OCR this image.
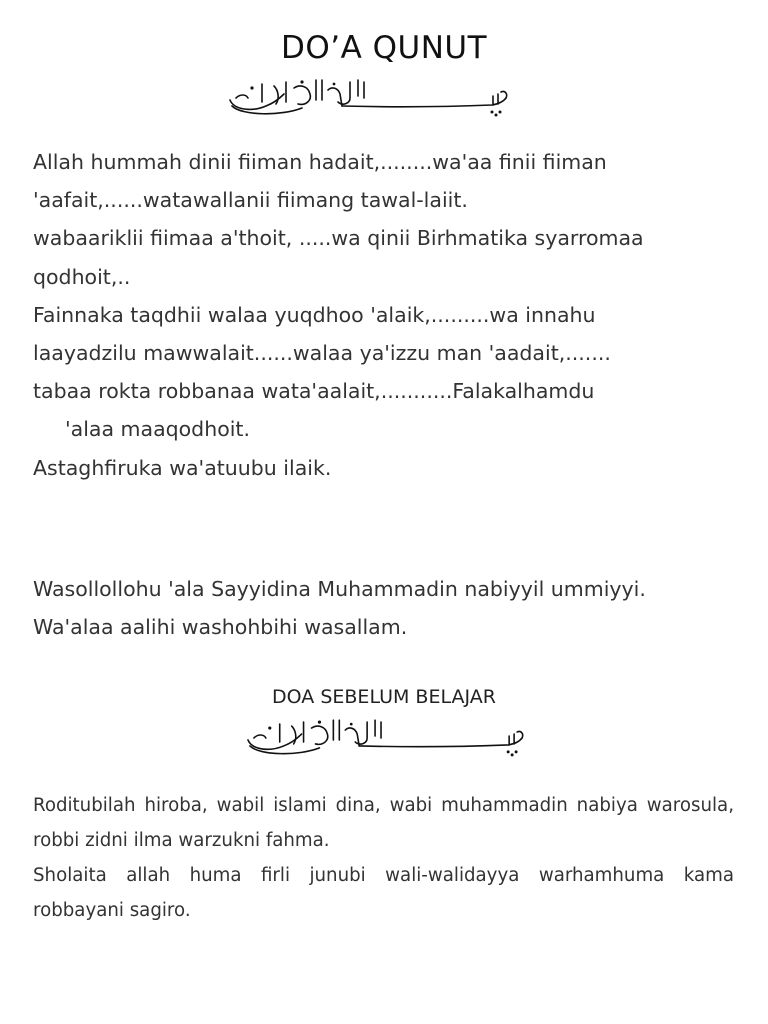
DO’A QUNUT
Allah hummah dinii fiiman hadait,........wa'aa finii fiiman
'aafait,......watawallanii fiimang tawal-laiit.
wabaariklii fiimaa a'thoit, .....wa qinii Birhmatika syarromaa
qodhoit,..
Fainnaka taqdhii walaa yuqdhoo 'alaik,.........wa innahu
laayadzilu mawwalait......walaa ya'izzu man 'aadait,.......
tabaa rokta robbanaa wata'aalait,...........Falakalhamdu
'alaa maaqodhoit.
Astaghfiruka wa'atuubu ilaik.
Wasollollohu 'ala Sayyidina Muhammadin nabiyyil ummiyyi.
Wa'alaa aalihi washohbihi wasallam.
DOA SEBELUM BELAJAR

Roditubilah hiroba, wabil islami dina, wabi muhammadin nabiya warosula, robbi zidni ilma warzukni fahma.

Sholaita allah huma firli junubi wali-walidayya warhamhuma kama robbayani sagiro.
